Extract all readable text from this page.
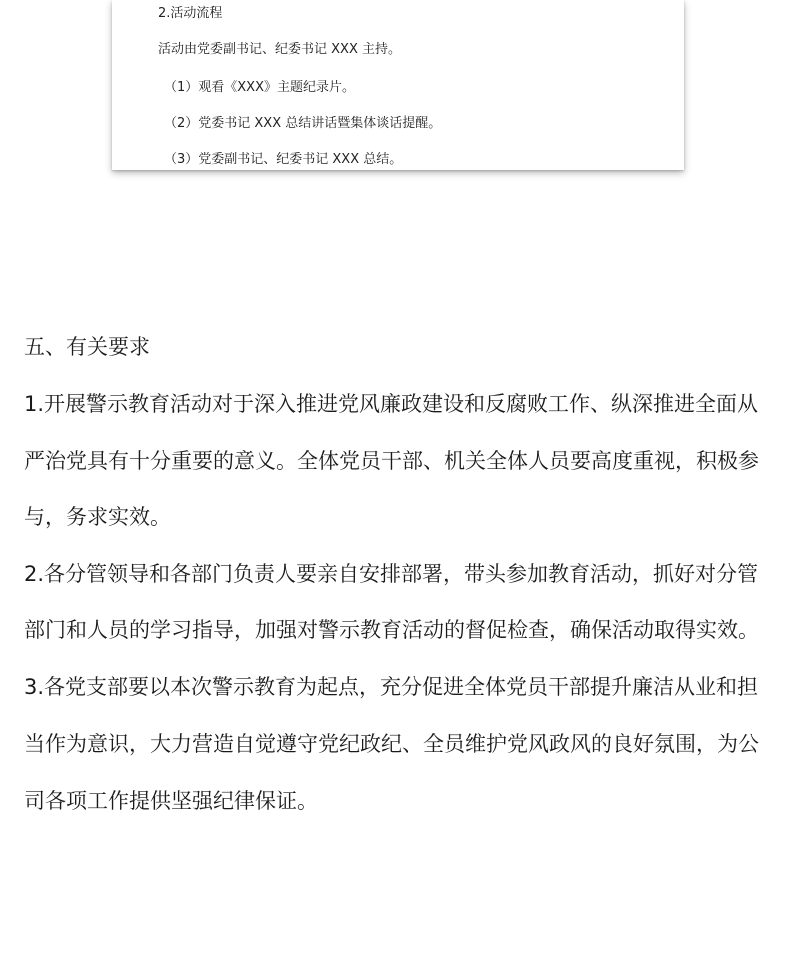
2.活动流程
活动由党委副书记、纪委书记 XXX 主持。
（1）观看《XXX》主题纪录片。
（2）党委书记 XXX 总结讲话暨集体谈话提醒。
（3）党委副书记、纪委书记 XXX 总结。
五、有关要求
1.开展警示教育活动对于深入推进党风廉政建设和反腐败工作、纵深推进全面从
严治党具有十分重要的意义。全体党员干部、机关全体人员要高度重视，积极参
与，务求实效。
2.各分管领导和各部门负责人要亲自安排部署，带头参加教育活动，抓好对分管
部门和人员的学习指导，加强对警示教育活动的督促检查，确保活动取得实效。
3.各党支部要以本次警示教育为起点，充分促进全体党员干部提升廉洁从业和担
当作为意识，大力营造自觉遵守党纪政纪、全员维护党风政风的良好氛围，为公
司各项工作提供坚强纪律保证。
